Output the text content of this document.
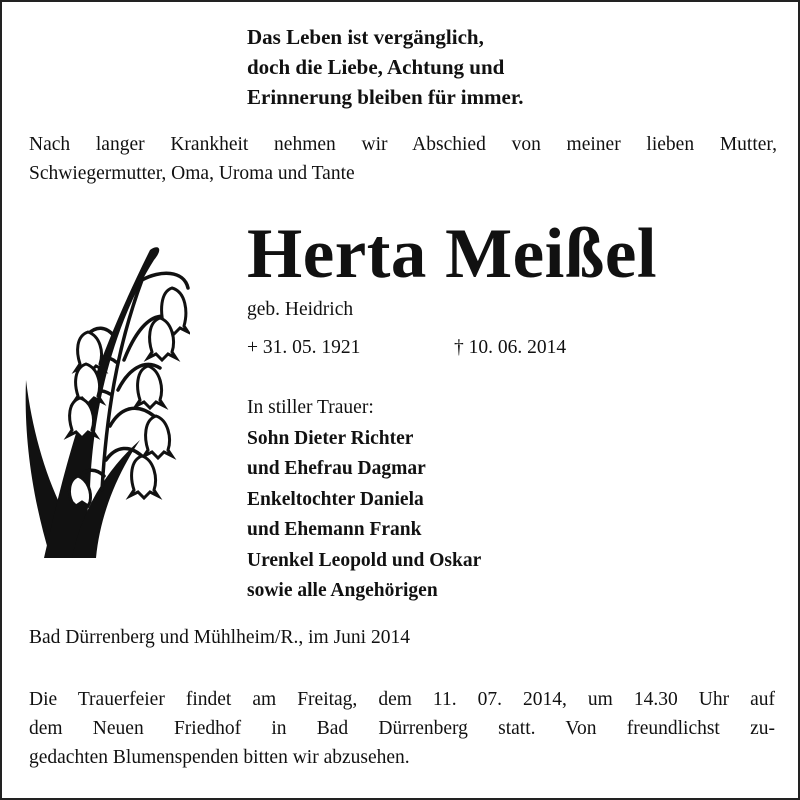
Das Leben ist vergänglich,
doch die Liebe, Achtung und
Erinnerung bleiben für immer.
Nach langer Krankheit nehmen wir Abschied von meiner lieben Mutter,
Schwiegermutter, Oma, Uroma und Tante
Herta Meißel
geb. Heidrich
+ 31. 05. 1921	† 10. 06. 2014
In stiller Trauer:
Sohn Dieter Richter
und Ehefrau Dagmar
Enkeltochter Daniela
und Ehemann Frank
Urenkel Leopold und Oskar
sowie alle Angehörigen
Bad Dürrenberg und Mühlheim/R., im Juni 2014
Die Trauerfeier findet am Freitag, dem 11. 07. 2014, um 14.30 Uhr auf
dem Neuen Friedhof in Bad Dürrenberg statt. Von freundlichst zu-
gedachten Blumenspenden bitten wir abzusehen.
